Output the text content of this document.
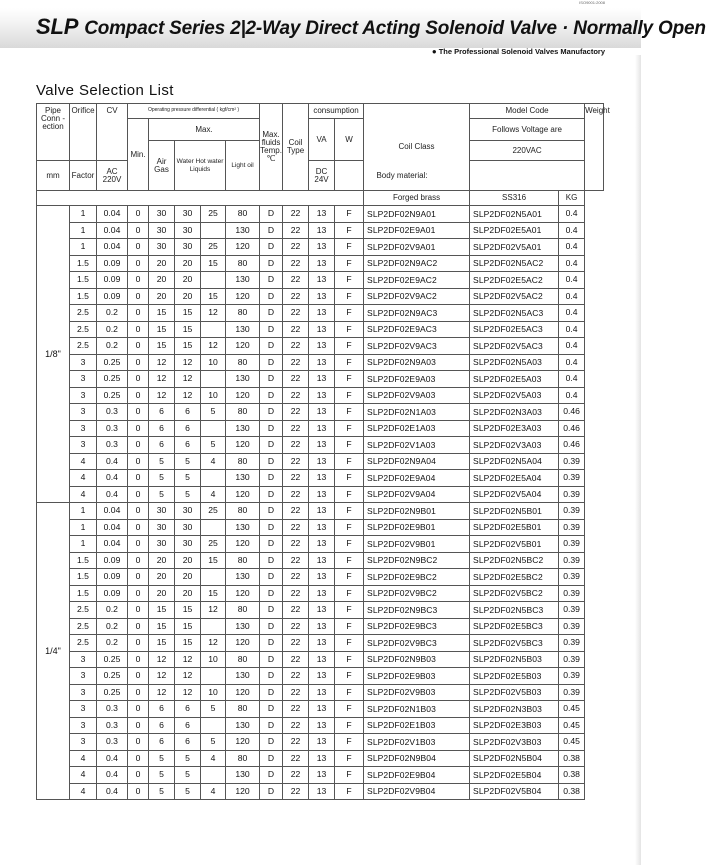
ISO9001:2008
SLP Compact Series 2|2-Way Direct Acting Solenoid Valve · Normally Open
● The Professional Solenoid Valves Manufactory
Valve Selection List
Pipe Conn -ection	Orifice	CV	Operating pressure differential ( kgf/cm² )					Max. fluids Temp. ℃	Coil Type	consumption		Coil Class	Model Code		Weight
			Min.	Max.						VA	W		Follows Voltage are		
				Air Gas	Water Hot water Liquids		Light oil						220VAC		
mm	Factor	AC 220V								DC 24V	Body material:				
												Forged brass	SS316	KG	
1/8"	1	0.04	0	30	30	25	80	D	22	13	F	SLP2DF02N9A01	SLP2DF02N5A01	0.4	
	1	0.04	0	30	30		130	D	22	13	F	SLP2DF02E9A01	SLP2DF02E5A01	0.4	
	1	0.04	0	30	30	25	120	D	22	13	F	SLP2DF02V9A01	SLP2DF02V5A01	0.4	
	1.5	0.09	0	20	20	15	80	D	22	13	F	SLP2DF02N9AC2	SLP2DF02N5AC2	0.4	
	1.5	0.09	0	20	20		130	D	22	13	F	SLP2DF02E9AC2	SLP2DF02E5AC2	0.4	
	1.5	0.09	0	20	20	15	120	D	22	13	F	SLP2DF02V9AC2	SLP2DF02V5AC2	0.4	
	2.5	0.2	0	15	15	12	80	D	22	13	F	SLP2DF02N9AC3	SLP2DF02N5AC3	0.4	
	2.5	0.2	0	15	15		130	D	22	13	F	SLP2DF02E9AC3	SLP2DF02E5AC3	0.4	
	2.5	0.2	0	15	15	12	120	D	22	13	F	SLP2DF02V9AC3	SLP2DF02V5AC3	0.4	
	3	0.25	0	12	12	10	80	D	22	13	F	SLP2DF02N9A03	SLP2DF02N5A03	0.4	
	3	0.25	0	12	12		130	D	22	13	F	SLP2DF02E9A03	SLP2DF02E5A03	0.4	
	3	0.25	0	12	12	10	120	D	22	13	F	SLP2DF02V9A03	SLP2DF02V5A03	0.4	
	3	0.3	0	6	6	5	80	D	22	13	F	SLP2DF02N1A03	SLP2DF02N3A03	0.46	
	3	0.3	0	6	6		130	D	22	13	F	SLP2DF02E1A03	SLP2DF02E3A03	0.46	
	3	0.3	0	6	6	5	120	D	22	13	F	SLP2DF02V1A03	SLP2DF02V3A03	0.46	
	4	0.4	0	5	5	4	80	D	22	13	F	SLP2DF02N9A04	SLP2DF02N5A04	0.39	
	4	0.4	0	5	5		130	D	22	13	F	SLP2DF02E9A04	SLP2DF02E5A04	0.39	
	4	0.4	0	5	5	4	120	D	22	13	F	SLP2DF02V9A04	SLP2DF02V5A04	0.39	
1/4"	1	0.04	0	30	30	25	80	D	22	13	F	SLP2DF02N9B01	SLP2DF02N5B01	0.39	
	1	0.04	0	30	30		130	D	22	13	F	SLP2DF02E9B01	SLP2DF02E5B01	0.39	
	1	0.04	0	30	30	25	120	D	22	13	F	SLP2DF02V9B01	SLP2DF02V5B01	0.39	
	1.5	0.09	0	20	20	15	80	D	22	13	F	SLP2DF02N9BC2	SLP2DF02N5BC2	0.39	
	1.5	0.09	0	20	20		130	D	22	13	F	SLP2DF02E9BC2	SLP2DF02E5BC2	0.39	
	1.5	0.09	0	20	20	15	120	D	22	13	F	SLP2DF02V9BC2	SLP2DF02V5BC2	0.39	
	2.5	0.2	0	15	15	12	80	D	22	13	F	SLP2DF02N9BC3	SLP2DF02N5BC3	0.39	
	2.5	0.2	0	15	15		130	D	22	13	F	SLP2DF02E9BC3	SLP2DF02E5BC3	0.39	
	2.5	0.2	0	15	15	12	120	D	22	13	F	SLP2DF02V9BC3	SLP2DF02V5BC3	0.39	
	3	0.25	0	12	12	10	80	D	22	13	F	SLP2DF02N9B03	SLP2DF02N5B03	0.39	
	3	0.25	0	12	12		130	D	22	13	F	SLP2DF02E9B03	SLP2DF02E5B03	0.39	
	3	0.25	0	12	12	10	120	D	22	13	F	SLP2DF02V9B03	SLP2DF02V5B03	0.39	
	3	0.3	0	6	6	5	80	D	22	13	F	SLP2DF02N1B03	SLP2DF02N3B03	0.45	
	3	0.3	0	6	6		130	D	22	13	F	SLP2DF02E1B03	SLP2DF02E3B03	0.45	
	3	0.3	0	6	6	5	120	D	22	13	F	SLP2DF02V1B03	SLP2DF02V3B03	0.45	
	4	0.4	0	5	5	4	80	D	22	13	F	SLP2DF02N9B04	SLP2DF02N5B04	0.38	
	4	0.4	0	5	5		130	D	22	13	F	SLP2DF02E9B04	SLP2DF02E5B04	0.38	
	4	0.4	0	5	5	4	120	D	22	13	F	SLP2DF02V9B04	SLP2DF02V5B04	0.38	
